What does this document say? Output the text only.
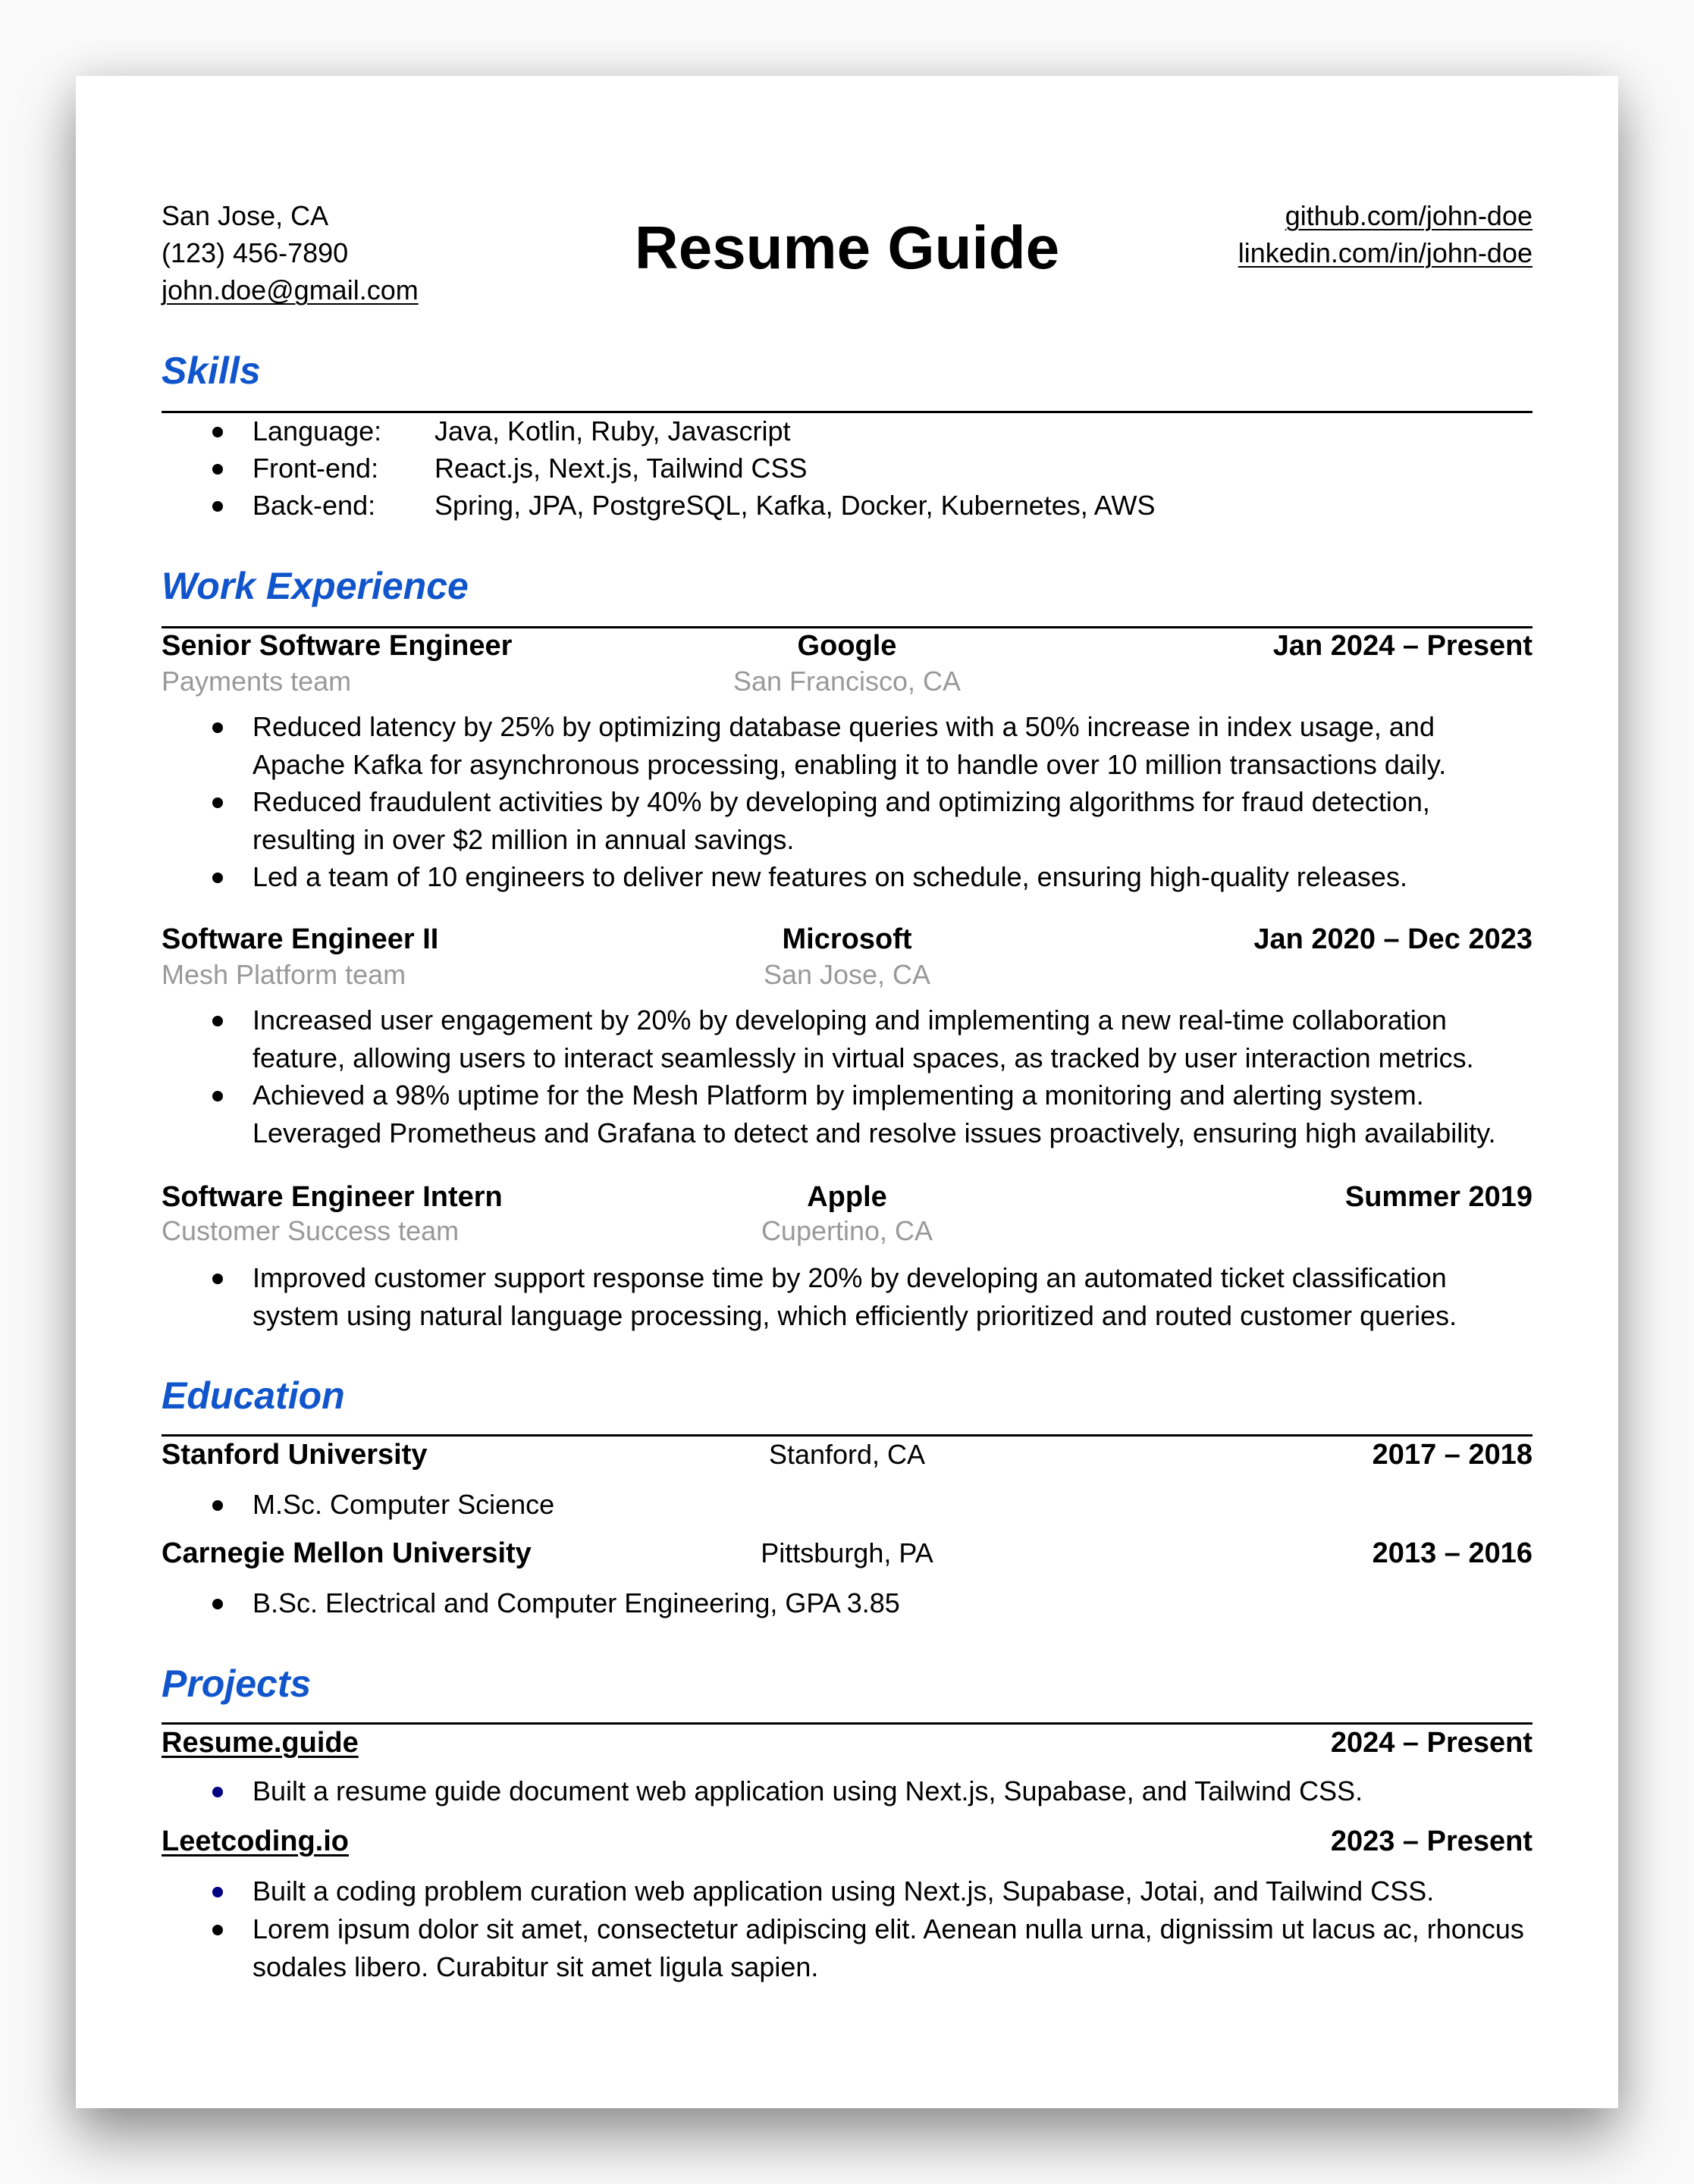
San Jose, CA
(123) 456-7890
john.doe@gmail.com
Resume Guide	github.com/john-doe
linkedin.com/in/john-doe
Skills
Language: Java, Kotlin, Ruby, Javascript
Front-end: React.js, Next.js, Tailwind CSS
Back-end: Spring, JPA, PostgreSQL, Kafka, Docker, Kubernetes, AWS
Work Experience
Senior Software Engineer	Google	Jan 2024 – Present
Payments team	San Francisco, CA
Reduced latency by 25% by optimizing database queries with a 50% increase in index usage, and Apache Kafka for asynchronous processing, enabling it to handle over 10 million transactions daily.
Reduced fraudulent activities by 40% by developing and optimizing algorithms for fraud detection, resulting in over $2 million in annual savings.
Led a team of 10 engineers to deliver new features on schedule, ensuring high-quality releases.
Software Engineer II	Microsoft	Jan 2020 – Dec 2023
Mesh Platform team	San Jose, CA
Increased user engagement by 20% by developing and implementing a new real-time collaboration feature, allowing users to interact seamlessly in virtual spaces, as tracked by user interaction metrics.
Achieved a 98% uptime for the Mesh Platform by implementing a monitoring and alerting system. Leveraged Prometheus and Grafana to detect and resolve issues proactively, ensuring high availability.
Software Engineer Intern	Apple	Summer 2019
Customer Success team	Cupertino, CA
Improved customer support response time by 20% by developing an automated ticket classification system using natural language processing, which efficiently prioritized and routed customer queries.
Education
Stanford University	Stanford, CA	2017 – 2018
M.Sc. Computer Science
Carnegie Mellon University	Pittsburgh, PA	2013 – 2016
B.Sc. Electrical and Computer Engineering, GPA 3.85
Projects
Resume.guide	2024 – Present
Built a resume guide document web application using Next.js, Supabase, and Tailwind CSS.
Leetcoding.io	2023 – Present
Built a coding problem curation web application using Next.js, Supabase, Jotai, and Tailwind CSS.
Lorem ipsum dolor sit amet, consectetur adipiscing elit. Aenean nulla urna, dignissim ut lacus ac, rhoncus sodales libero. Curabitur sit amet ligula sapien.
